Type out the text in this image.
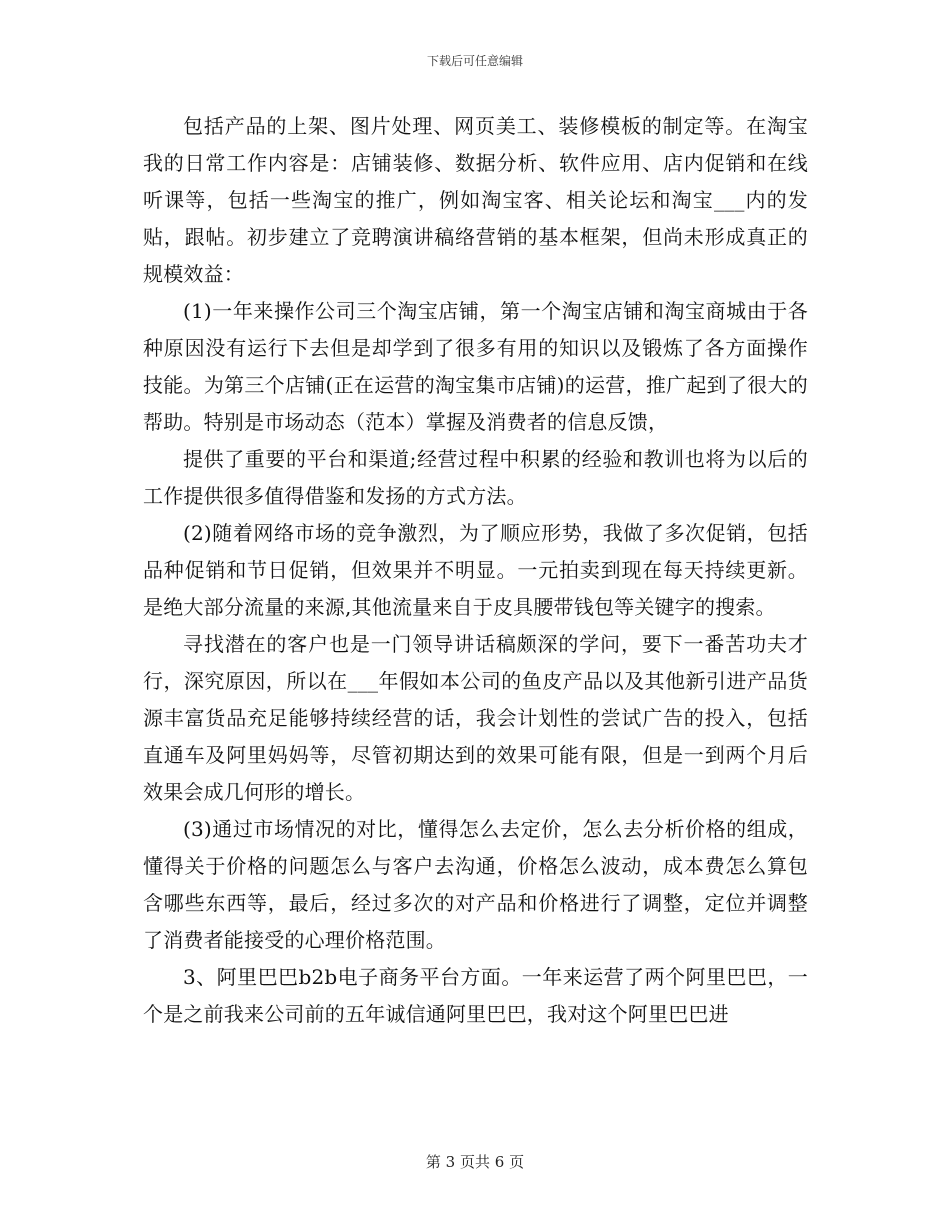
下载后可任意编辑

包括产品的上架、图片处理、网页美工、装修模板的制定等。在淘宝我的日常工作内容是：店铺装修、数据分析、软件应用、店内促销和在线听课等，包括一些淘宝的推广，例如淘宝客、相关论坛和淘宝___内的发贴，跟帖。初步建立了竞聘演讲稿络营销的基本框架，但尚未形成真正的规模效益：

(1)一年来操作公司三个淘宝店铺，第一个淘宝店铺和淘宝商城由于各种原因没有运行下去但是却学到了很多有用的知识以及锻炼了各方面操作技能。为第三个店铺(正在运营的淘宝集市店铺)的运营，推广起到了很大的帮助。特别是市场动态（范本）掌握及消费者的信息反馈，

提供了重要的平台和渠道;经营过程中积累的经验和教训也将为以后的工作提供很多值得借鉴和发扬的方式方法。

(2)随着网络市场的竞争激烈，为了顺应形势，我做了多次促销，包括品种促销和节日促销，但效果并不明显。一元拍卖到现在每天持续更新。是绝大部分流量的来源,其他流量来自于皮具腰带钱包等关键字的搜索。

寻找潜在的客户也是一门领导讲话稿颇深的学问，要下一番苦功夫才行，深究原因，所以在___年假如本公司的鱼皮产品以及其他新引进产品货源丰富货品充足能够持续经营的话，我会计划性的尝试广告的投入，包括直通车及阿里妈妈等，尽管初期达到的效果可能有限，但是一到两个月后效果会成几何形的增长。

(3)通过市场情况的对比，懂得怎么去定价，怎么去分析价格的组成，懂得关于价格的问题怎么与客户去沟通，价格怎么波动，成本费怎么算包含哪些东西等，最后，经过多次的对产品和价格进行了调整，定位并调整了消费者能接受的心理价格范围。

3、阿里巴巴b2b电子商务平台方面。一年来运营了两个阿里巴巴，一个是之前我来公司前的五年诚信通阿里巴巴，我对这个阿里巴巴进

第 3 页共 6 页
